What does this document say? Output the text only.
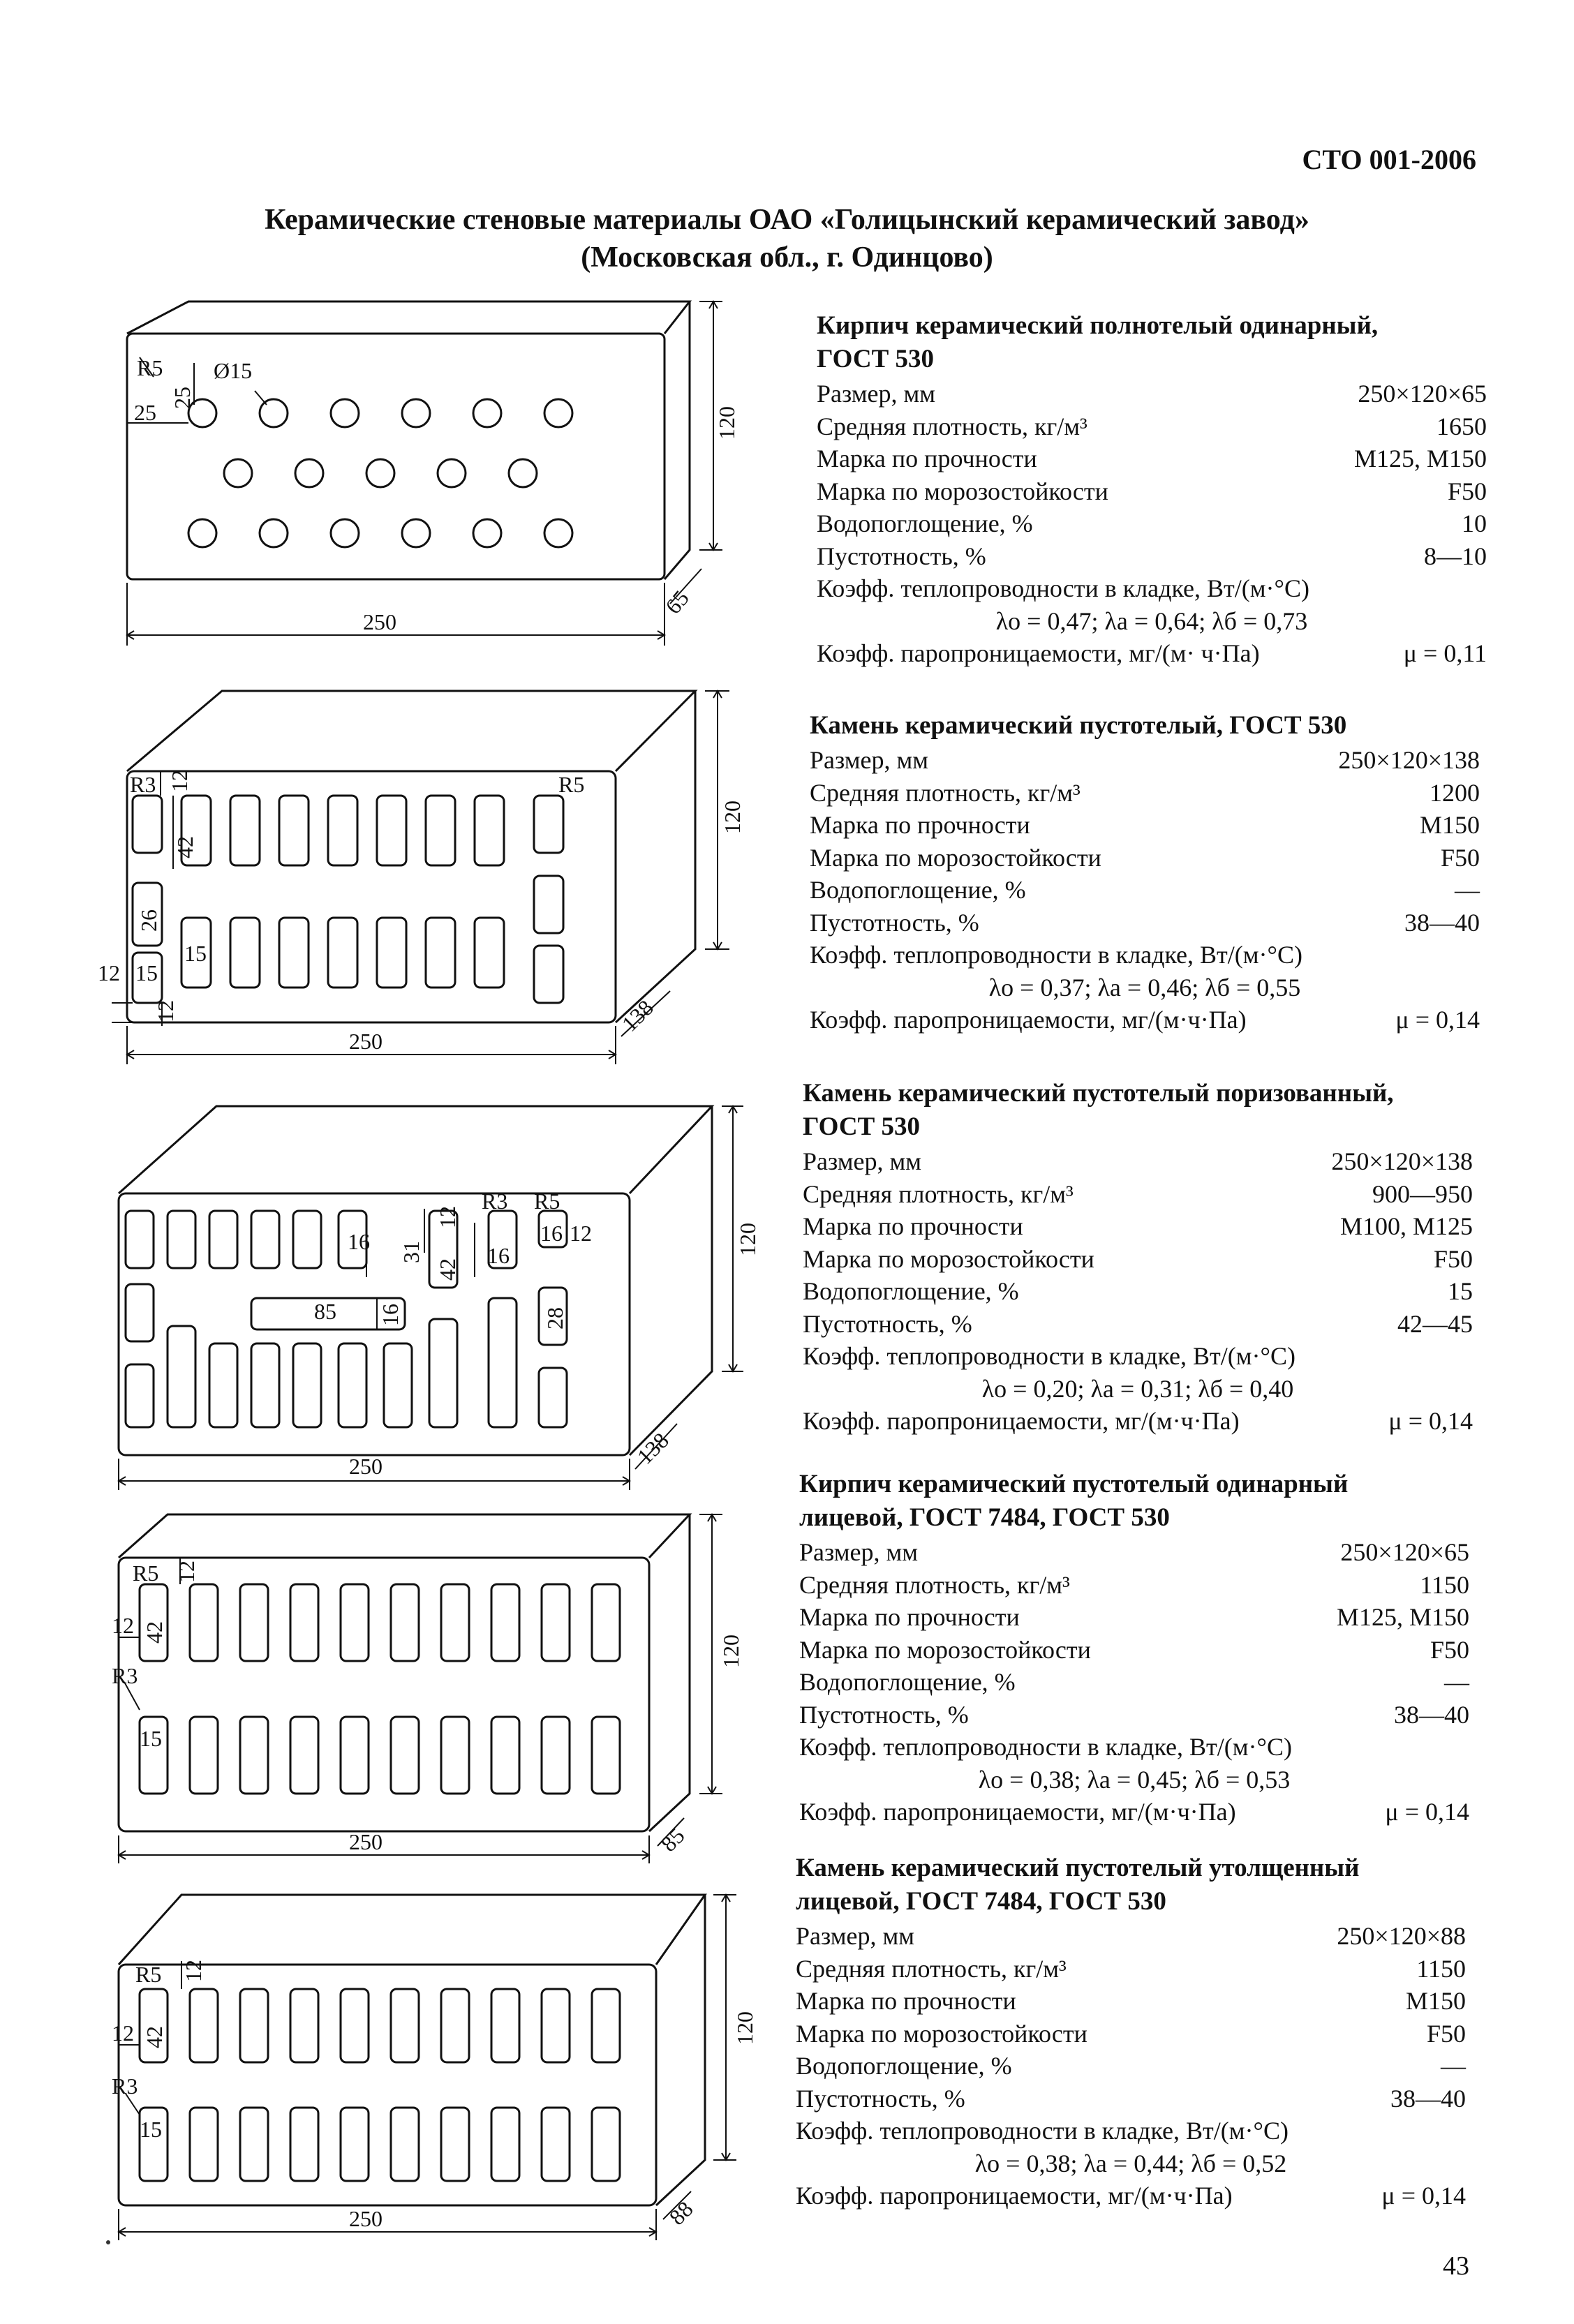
СТО 001-2006
Керамические стеновые материалы ОАО «Голицынский керамический завод»
(Московская обл., г. Одинцово)
R5 Ø15
25
25
120
250
65
R3	R5
12
42
26
12 15
15
12
120
250
138
16 31
12
42
R3 R5
16
16 12
85 16	28
120
250	138
R5 12
12 42
R3
15
120
250	85
R5 12
12 42
R3
15
120
250	88
Кирпич керамический полнотелый одинарный,
ГОСТ 530
Размер, мм	250×120×65
Средняя плотность, кг/м³	1650
Марка по прочности	М125, М150
Марка по морозостойкости	F50
Водопоглощение, %	10
Пустотность, %	8—10
Коэфф. теплопроводности в кладке, Вт/(м·°С)
λо = 0,47; λа = 0,64; λб = 0,73
Коэфф. паропроницаемости, мг/(м· ч·Па)	μ = 0,11
Камень керамический пустотелый, ГОСТ 530
Размер, мм	250×120×138
Средняя плотность, кг/м³	1200
Марка по прочности	М150
Марка по морозостойкости	F50
Водопоглощение, %	—
Пустотность, %	38—40
Коэфф. теплопроводности в кладке, Вт/(м·°С)
λо = 0,37; λа = 0,46; λб = 0,55
Коэфф. паропроницаемости, мг/(м·ч·Па)	μ = 0,14
Камень керамический пустотелый поризованный,
ГОСТ 530
Размер, мм	250×120×138
Средняя плотность, кг/м³	900—950
Марка по прочности	М100, М125
Марка по морозостойкости	F50
Водопоглощение, %	15
Пустотность, %	42—45
Коэфф. теплопроводности в кладке, Вт/(м·°С)
λо = 0,20; λа = 0,31; λб = 0,40
Коэфф. паропроницаемости, мг/(м·ч·Па)	μ = 0,14
Кирпич керамический пустотелый одинарный
лицевой, ГОСТ 7484, ГОСТ 530
Размер, мм	250×120×65
Средняя плотность, кг/м³	1150
Марка по прочности	М125, М150
Марка по морозостойкости	F50
Водопоглощение, %	—
Пустотность, %	38—40
Коэфф. теплопроводности в кладке, Вт/(м·°С)
λо = 0,38; λа = 0,45; λб = 0,53
Коэфф. паропроницаемости, мг/(м·ч·Па)	μ = 0,14
Камень керамический пустотелый утолщенный
лицевой, ГОСТ 7484, ГОСТ 530
Размер, мм	250×120×88
Средняя плотность, кг/м³	1150
Марка по прочности	М150
Марка по морозостойкости	F50
Водопоглощение, %	—
Пустотность, %	38—40
Коэфф. теплопроводности в кладке, Вт/(м·°С)
λо = 0,38; λа = 0,44; λб = 0,52
Коэфф. паропроницаемости, мг/(м·ч·Па)	μ = 0,14
43
